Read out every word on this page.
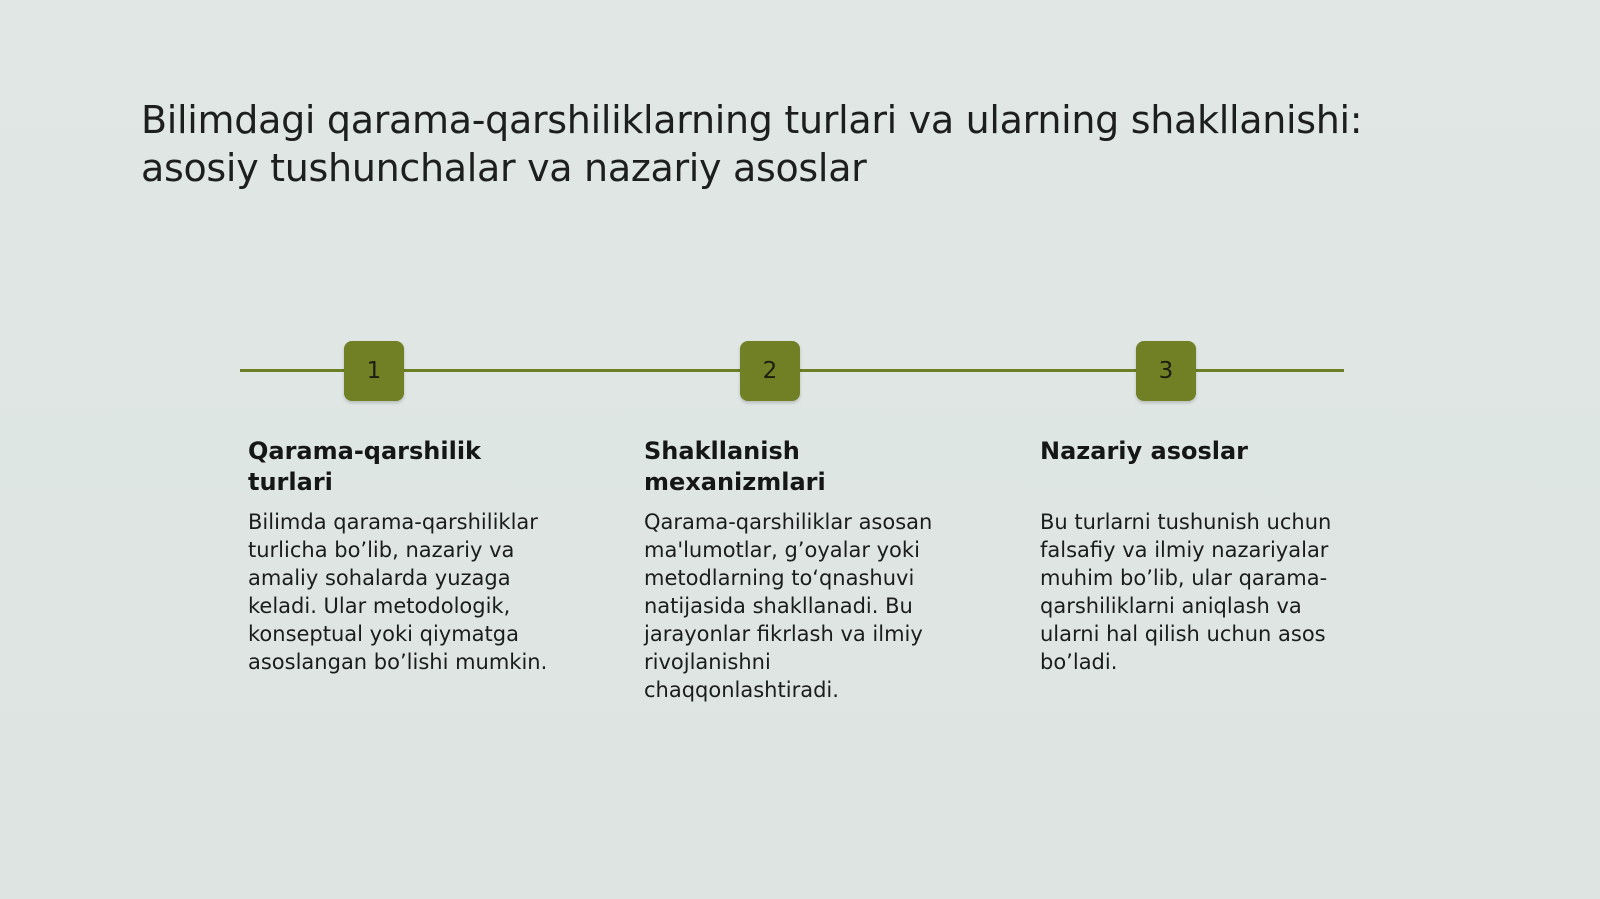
Bilimdagi qarama-qarshiliklarning turlari va ularning shakllanishi: asosiy tushunchalar va nazariy asoslar
1	2	3
Qarama-qarshilik turlari

Bilimda qarama-qarshiliklar turlicha bo’lib, nazariy va amaliy sohalarda yuzaga keladi. Ular metodologik, konseptual yoki qiymatga asoslangan bo’lishi mumkin.

Shakllanish mexanizmlari

Qarama-qarshiliklar asosan ma'lumotlar, g’oyalar yoki metodlarning to‘qnashuvi natijasida shakllanadi. Bu jarayonlar fikrlash va ilmiy rivojlanishni chaqqonlashtiradi.

Nazariy asoslar

Bu turlarni tushunish uchun falsafiy va ilmiy nazariyalar muhim bo’lib, ular qarama-qarshiliklarni aniqlash va ularni hal qilish uchun asos bo’ladi.
